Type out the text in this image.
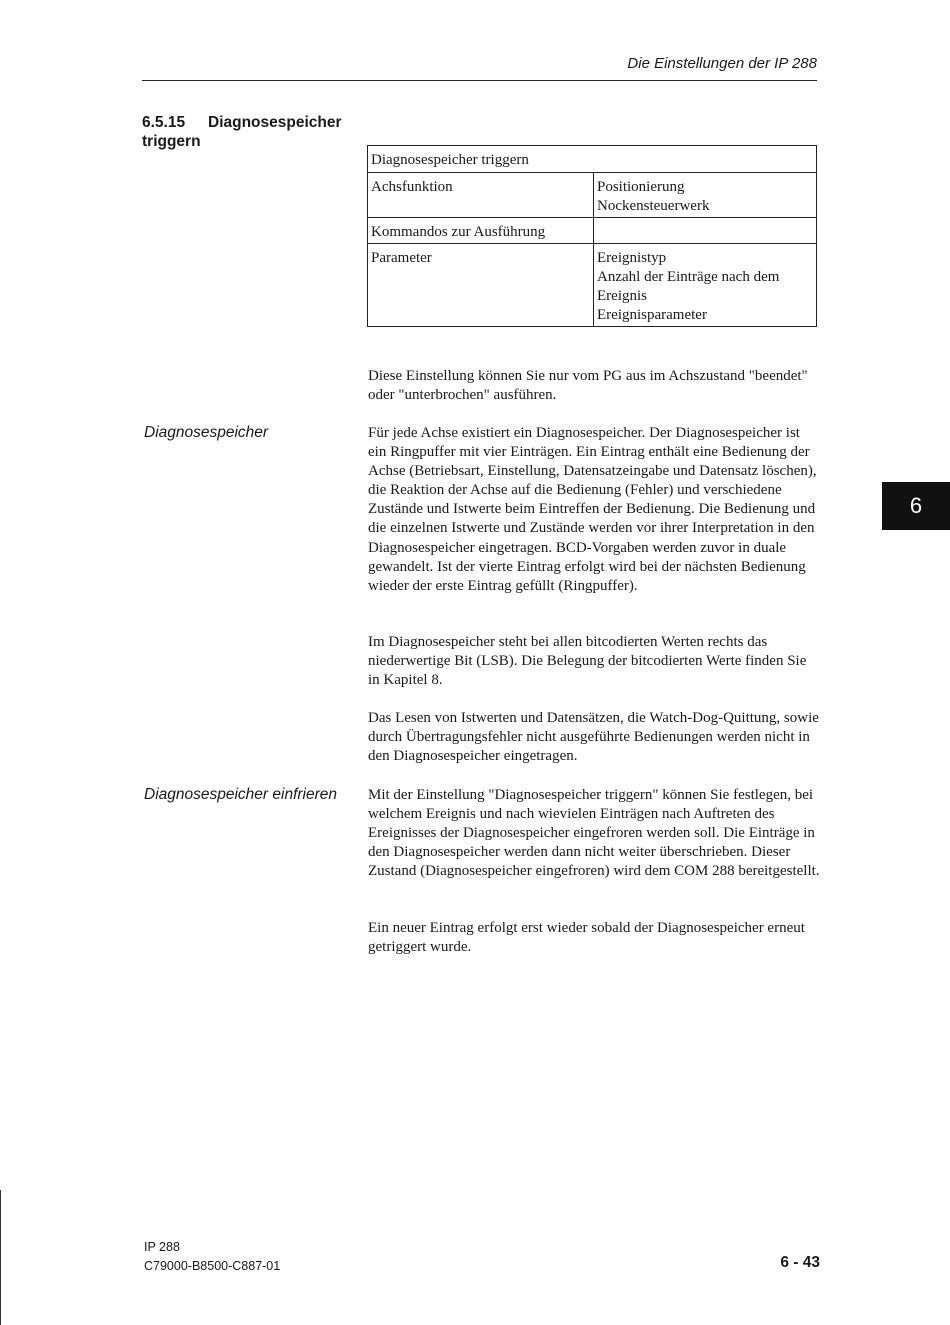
Die Einstellungen der IP 288
6.5.15 Diagnosespeicher
triggern
Diagnosespeicher triggern	
Achsfunktion	Positionierung
Nockensteuerwerk

Kommandos zur Ausführung	
Parameter	Ereignistyp
Anzahl der Einträge nach dem
Ereignis
Ereignisparameter

Diese Einstellung können Sie nur vom PG aus im Achszustand "beendet" oder "unterbrochen" ausführen.

Diagnosespeicher	Für jede Achse existiert ein Diagnosespeicher. Der Diagnosespeicher ist ein Ringpuffer mit vier Einträgen. Ein Eintrag enthält eine Bedienung der Achse (Betriebsart, Einstellung, Datensatzeingabe und Datensatz löschen), die Reaktion der Achse auf die Bedienung (Fehler) und verschiedene Zustände und Istwerte beim Eintreffen der Bedienung. Die Bedienung und die einzelnen Istwerte und Zustände werden vor ihrer Interpretation in den Diagnosespeicher eingetragen. BCD-Vorgaben werden zuvor in duale gewandelt. Ist der vierte Eintrag erfolgt wird bei der nächsten Bedienung wieder der erste Eintrag gefüllt (Ringpuffer).

Im Diagnosespeicher steht bei allen bitcodierten Werten rechts das niederwertige Bit (LSB). Die Belegung der bitcodierten Werte finden Sie in Kapitel 8.

Das Lesen von Istwerten und Datensätzen, die Watch-Dog-Quittung, sowie durch Übertragungsfehler nicht ausgeführte Bedienungen werden nicht in den Diagnosespeicher eingetragen.

Diagnosespeicher einfrieren Mit der Einstellung "Diagnosespeicher triggern" können Sie festlegen, bei welchem Ereignis und nach wievielen Einträgen nach Auftreten des Ereignisses der Diagnosespeicher eingefroren werden soll. Die Einträge in den Diagnosespeicher werden dann nicht weiter überschrieben. Dieser Zustand (Diagnosespeicher eingefroren) wird dem COM 288 bereitgestellt.

Ein neuer Eintrag erfolgt erst wieder sobald der Diagnosespeicher erneut getriggert wurde.

6
IP 288
C79000-B8500-C887-01	6 - 43
